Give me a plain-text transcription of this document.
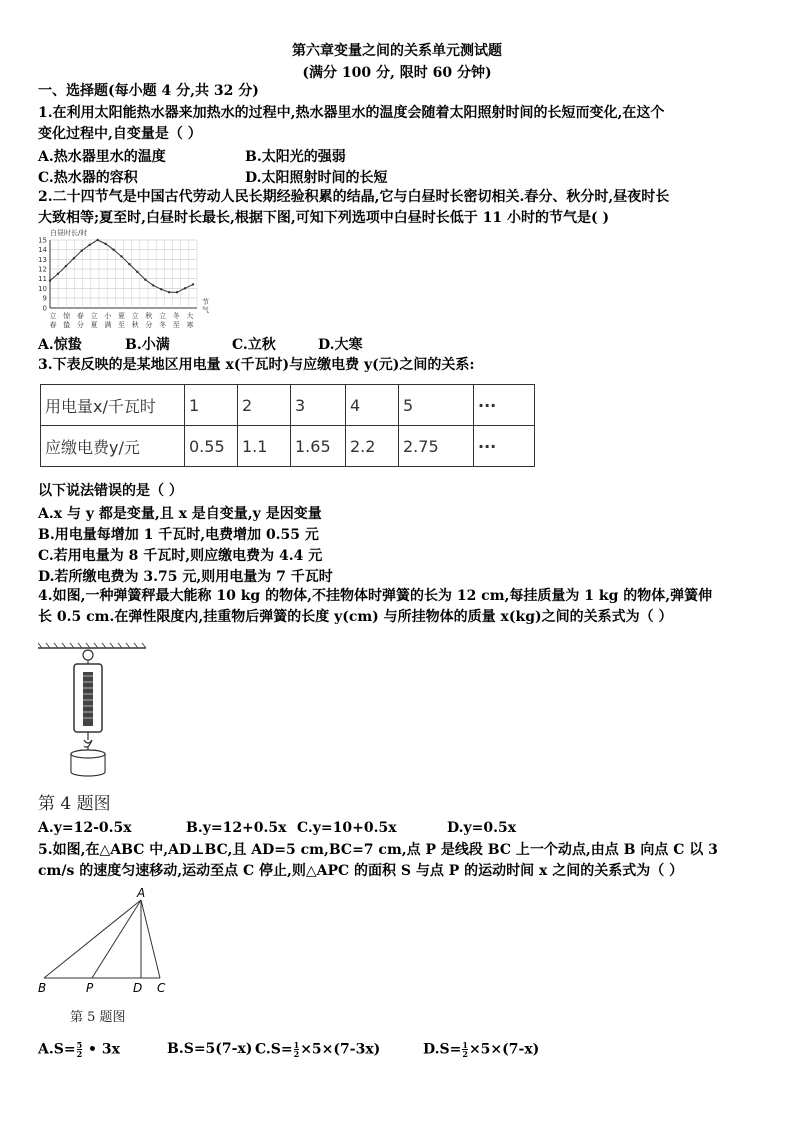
第六章变量之间的关系单元测试题
(满分 100 分, 限时 60 分钟)
一、选择题(每小题 4 分,共 32 分)
1.在利用太阳能热水器来加热水的过程中,热水器里水的温度会随着太阳照射时间的长短而变化,在这个
变化过程中,自变量是（ ）
A.热水器里水的温度	B.太阳光的强弱
C.热水器的容积	D.太阳照射时间的长短
2.二十四节气是中国古代劳动人民长期经验积累的结晶,它与白昼时长密切相关.春分、秋分时,昼夜时长
大致相等;夏至时,白昼时长最长,根据下图,可知下列选项中白昼时长低于 11 小时的节气是( )
白昼时长/时
节
气
0
9
10
11
12
13
14
15
立
春
惊
蛰
春
分
立
夏
小
满
夏
至
立
秋
秋
分
立
冬
冬
至
大
寒
A.惊蛰	B.小满	C.立秋	D.大寒
3.下表反映的是某地区用电量 x(千瓦时)与应缴电费 y(元)之间的关系:
用电量x/千瓦时	1	2	3	4	5	···
应缴电费y/元	0.55	1.1	1.65	2.2	2.75	···
以下说法错误的是（ ）
A.x 与 y 都是变量,且 x 是自变量,y 是因变量
B.用电量每增加 1 千瓦时,电费增加 0.55 元
C.若用电量为 8 千瓦时,则应缴电费为 4.4 元
D.若所缴电费为 3.75 元,则用电量为 7 千瓦时
4.如图,一种弹簧秤最大能称 10 kg 的物体,不挂物体时弹簧的长为 12 cm,每挂质量为 1 kg 的物体,弹簧伸
长 0.5 cm.在弹性限度内,挂重物后弹簧的长度 y(cm) 与所挂物体的质量 x(kg)之间的关系式为（ ）
第 4 题图
A.y=12-0.5x	B.y=12+0.5x C.y=10+0.5x	D.y=0.5x
5.如图,在△ABC 中,AD⊥BC,且 AD=5 cm,BC=7 cm,点 P 是线段 BC 上一个动点,由点 B 向点 C 以 3
cm/s 的速度匀速移动,运动至点 C 停止,则△APC 的面积 S 与点 P 的运动时间 x 之间的关系式为（ ）
A
B	P	D C
第 5 题图
$A.S= \frac{5}{2}$ • 3x	B.S=5(7-x) $C.S= \frac{1}{2} \times 5\times(7-3x)$	$D.S= \frac{1}{2} \times 5\times(7-x)$
